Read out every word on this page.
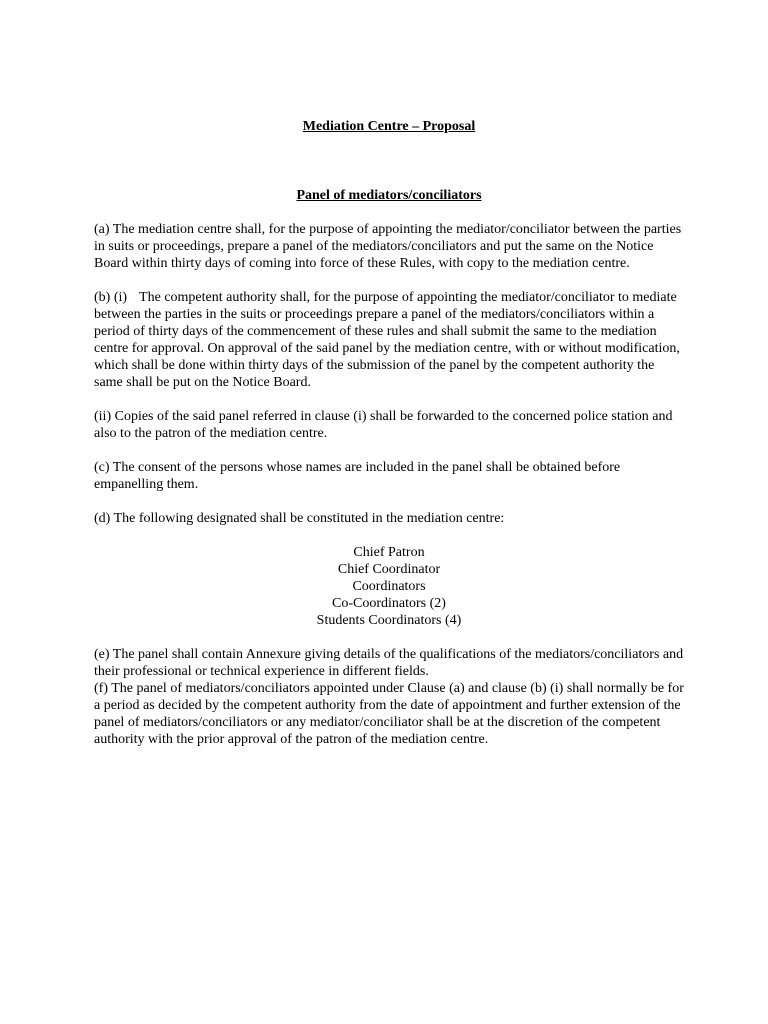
Mediation Centre – Proposal

Panel of mediators/conciliators

(a) The mediation centre shall, for the purpose of appointing the mediator/conciliator between the parties in suits or proceedings, prepare a panel of the mediators/conciliators and put the same on the Notice Board within thirty days of coming into force of these Rules, with copy to the mediation centre.

(b) (i) The competent authority shall, for the purpose of appointing the mediator/conciliator to mediate between the parties in the suits or proceedings prepare a panel of the mediators/conciliators within a period of thirty days of the commencement of these rules and shall submit the same to the mediation centre for approval. On approval of the said panel by the mediation centre, with or without modification, which shall be done within thirty days of the submission of the panel by the competent authority the same shall be put on the Notice Board.

(ii) Copies of the said panel referred in clause (i) shall be forwarded to the concerned police station and also to the patron of the mediation centre.

(c) The consent of the persons whose names are included in the panel shall be obtained before empanelling them.

(d) The following designated shall be constituted in the mediation centre:

Chief Patron
Chief Coordinator
Coordinators
Co-Coordinators (2)
Students Coordinators (4)

(e) The panel shall contain Annexure giving details of the qualifications of the mediators/conciliators and their professional or technical experience in different fields.

(f) The panel of mediators/conciliators appointed under Clause (a) and clause (b) (i) shall normally be for a period as decided by the competent authority from the date of appointment and further extension of the panel of mediators/conciliators or any mediator/conciliator shall be at the discretion of the competent authority with the prior approval of the patron of the mediation centre.
